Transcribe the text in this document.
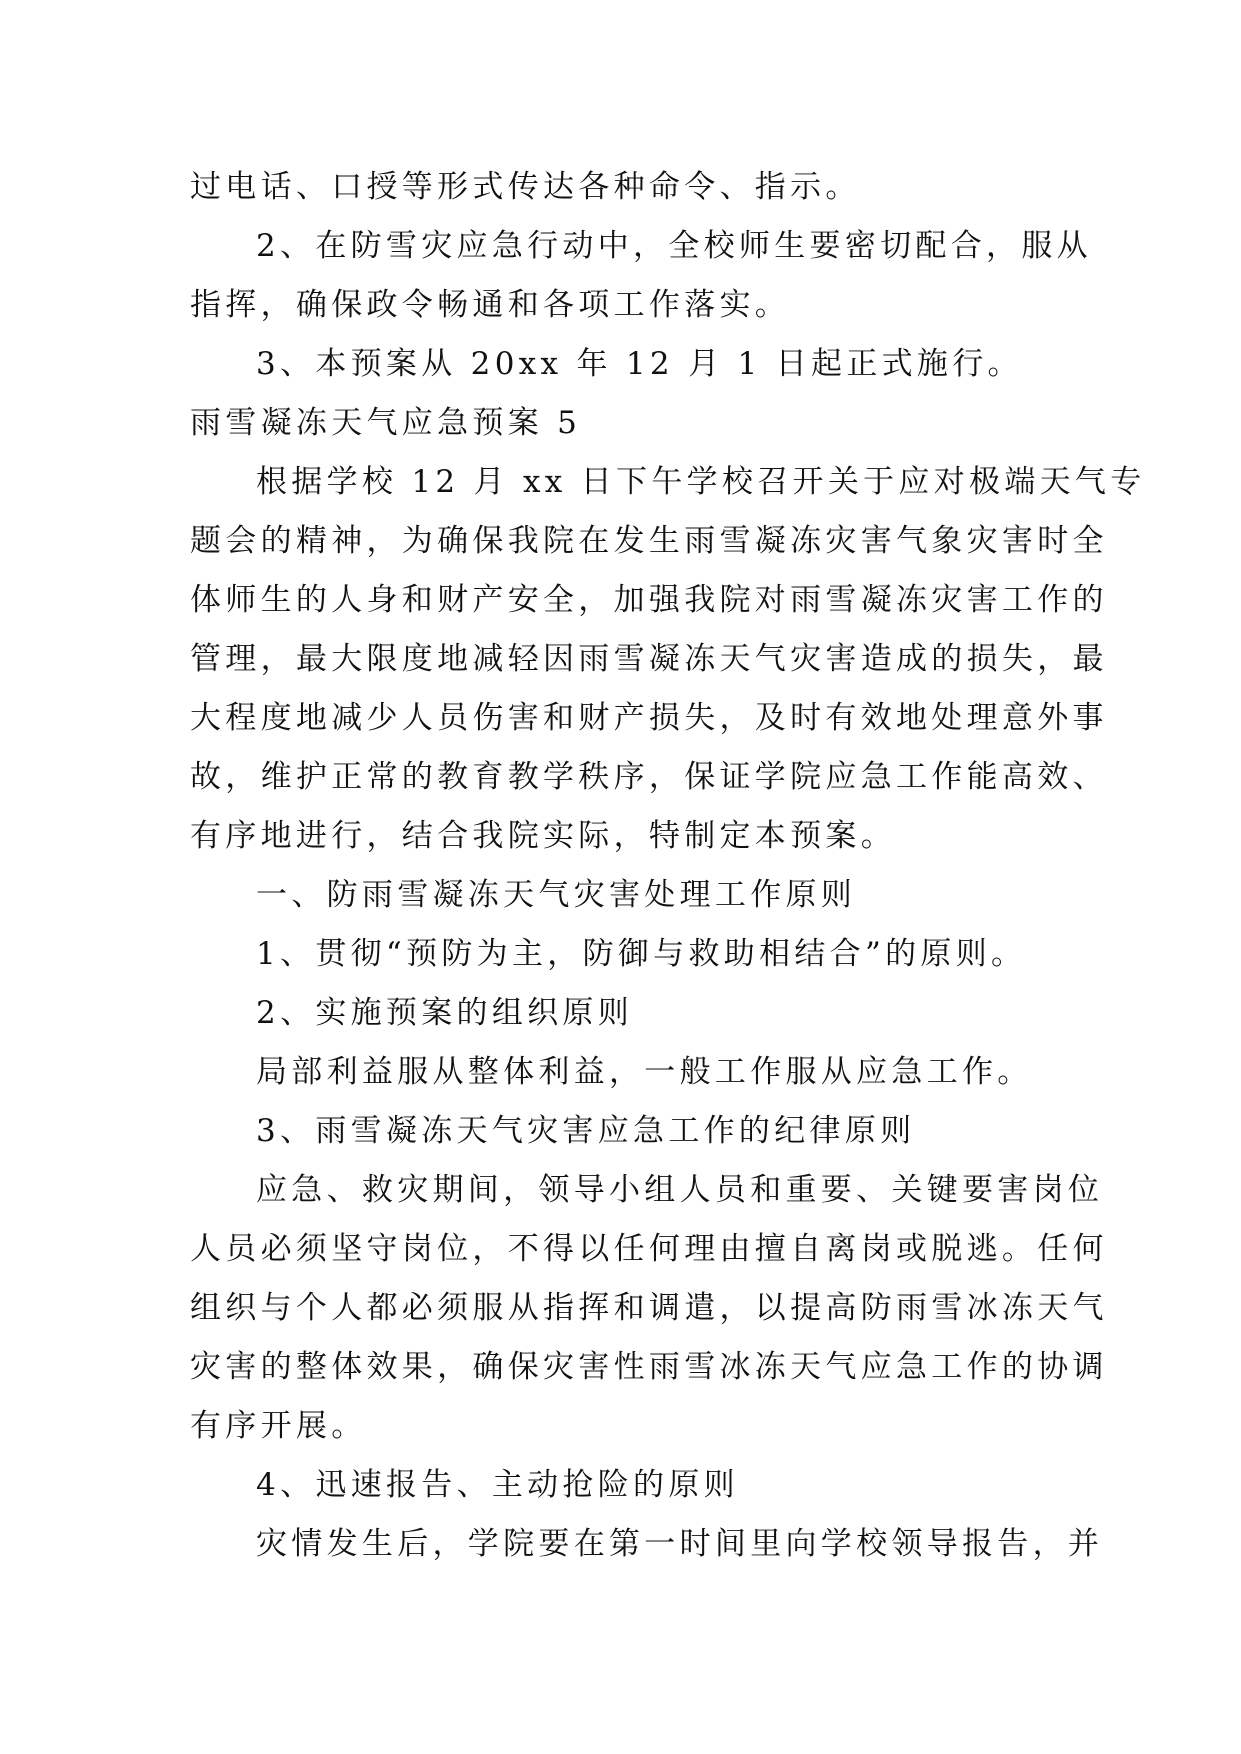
过电话、口授等形式传达各种命令、指示。
2、在防雪灾应急行动中，全校师生要密切配合，服从
指挥，确保政令畅通和各项工作落实。
3、本预案从 20xx 年 12 月 1 日起正式施行。
雨雪凝冻天气应急预案 5
根据学校 12 月 xx 日下午学校召开关于应对极端天气专
题会的精神，为确保我院在发生雨雪凝冻灾害气象灾害时全
体师生的人身和财产安全，加强我院对雨雪凝冻灾害工作的
管理，最大限度地减轻因雨雪凝冻天气灾害造成的损失，最
大程度地减少人员伤害和财产损失，及时有效地处理意外事
故，维护正常的教育教学秩序，保证学院应急工作能高效、
有序地进行，结合我院实际，特制定本预案。
一、防雨雪凝冻天气灾害处理工作原则
1、贯彻“预防为主，防御与救助相结合”的原则。
2、实施预案的组织原则
局部利益服从整体利益，一般工作服从应急工作。
3、雨雪凝冻天气灾害应急工作的纪律原则
应急、救灾期间，领导小组人员和重要、关键要害岗位
人员必须坚守岗位，不得以任何理由擅自离岗或脱逃。任何
组织与个人都必须服从指挥和调遣，以提高防雨雪冰冻天气
灾害的整体效果，确保灾害性雨雪冰冻天气应急工作的协调
有序开展。
4、迅速报告、主动抢险的原则
灾情发生后，学院要在第一时间里向学校领导报告，并
